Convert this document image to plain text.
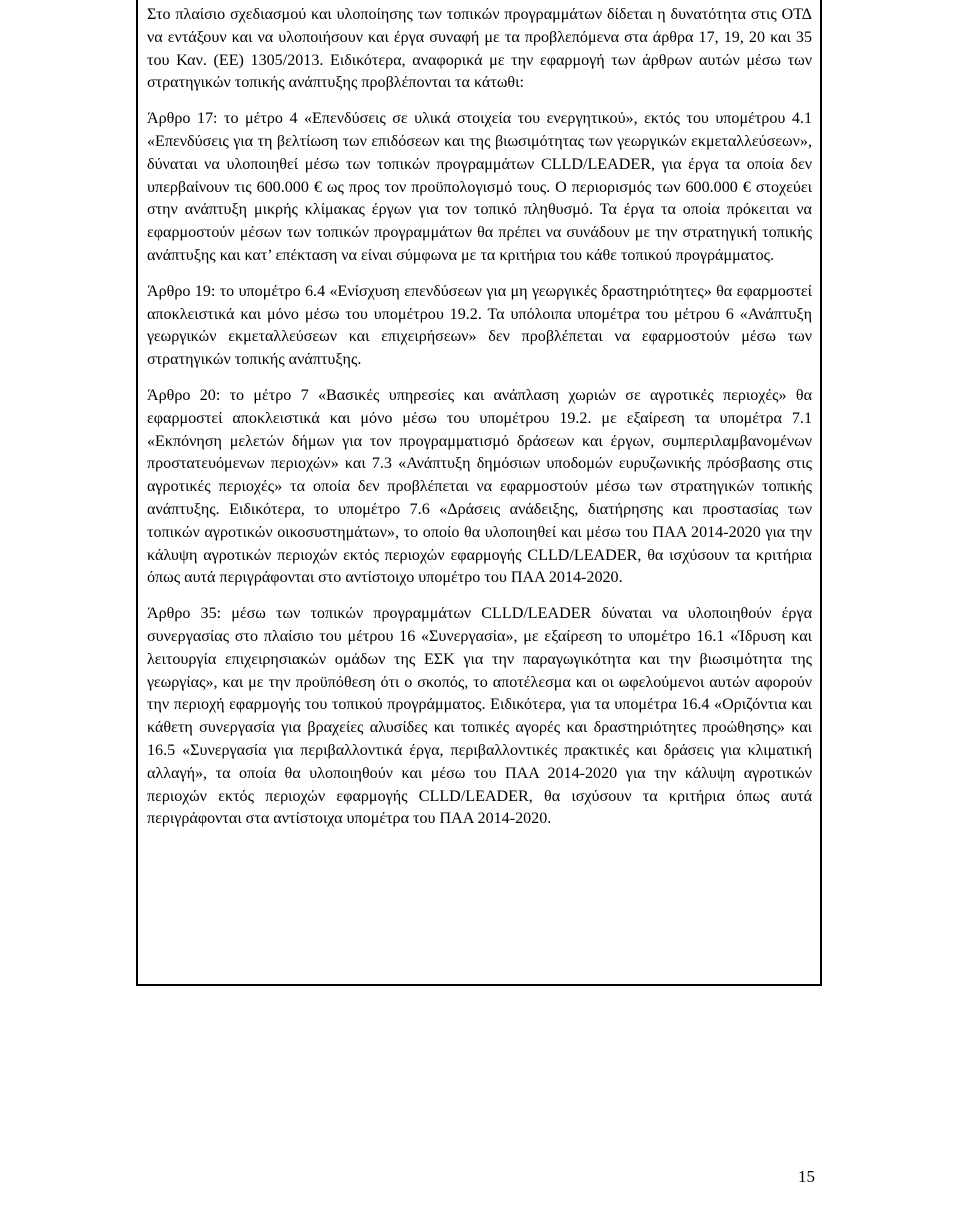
Στο πλαίσιο σχεδιασμού και υλοποίησης των τοπικών προγραμμάτων δίδεται η δυνατότητα στις ΟΤΔ να εντάξουν και να υλοποιήσουν και έργα συναφή με τα προβλεπόμενα στα άρθρα 17, 19, 20 και 35 του Καν. (ΕΕ) 1305/2013. Ειδικότερα, αναφορικά με την εφαρμογή των άρθρων αυτών μέσω των στρατηγικών τοπικής ανάπτυξης προβλέπονται τα κάτωθι:

Άρθρο 17: το μέτρο 4 «Επενδύσεις σε υλικά στοιχεία του ενεργητικού», εκτός του υπομέτρου 4.1 «Επενδύσεις για τη βελτίωση των επιδόσεων και της βιωσιμότητας των γεωργικών εκμεταλλεύσεων», δύναται να υλοποιηθεί μέσω των τοπικών προγραμμάτων CLLD/LEADER, για έργα τα οποία δεν υπερβαίνουν τις 600.000 € ως προς τον προϋπολογισμό τους. Ο περιορισμός των 600.000 € στοχεύει στην ανάπτυξη μικρής κλίμακας έργων για τον τοπικό πληθυσμό. Τα έργα τα οποία πρόκειται να εφαρμοστούν μέσων των τοπικών προγραμμάτων θα πρέπει να συνάδουν με την στρατηγική τοπικής ανάπτυξης και κατ’ επέκταση να είναι σύμφωνα με τα κριτήρια του κάθε τοπικού προγράμματος.

Άρθρο 19: το υπομέτρο 6.4 «Ενίσχυση επενδύσεων για μη γεωργικές δραστηριότητες» θα εφαρμοστεί αποκλειστικά και μόνο μέσω του υπομέτρου 19.2. Τα υπόλοιπα υπομέτρα του μέτρου 6 «Ανάπτυξη γεωργικών εκμεταλλεύσεων και επιχειρήσεων» δεν προβλέπεται να εφαρμοστούν μέσω των στρατηγικών τοπικής ανάπτυξης.

Άρθρο 20: το μέτρο 7 «Βασικές υπηρεσίες και ανάπλαση χωριών σε αγροτικές περιοχές» θα εφαρμοστεί αποκλειστικά και μόνο μέσω του υπομέτρου 19.2. με εξαίρεση τα υπομέτρα 7.1 «Εκπόνηση μελετών δήμων για τον προγραμματισμό δράσεων και έργων, συμπεριλαμβανομένων προστατευόμενων περιοχών» και 7.3 «Ανάπτυξη δημόσιων υποδομών ευρυζωνικής πρόσβασης στις αγροτικές περιοχές» τα οποία δεν προβλέπεται να εφαρμοστούν μέσω των στρατηγικών τοπικής ανάπτυξης. Ειδικότερα, το υπομέτρο 7.6 «Δράσεις ανάδειξης, διατήρησης και προστασίας των τοπικών αγροτικών οικοσυστημάτων», το οποίο θα υλοποιηθεί και μέσω του ΠΑΑ 2014-2020 για την κάλυψη αγροτικών περιοχών εκτός περιοχών εφαρμογής CLLD/LEADER, θα ισχύσουν τα κριτήρια όπως αυτά περιγράφονται στο αντίστοιχο υπομέτρο του ΠΑΑ 2014-2020.

Άρθρο 35: μέσω των τοπικών προγραμμάτων CLLD/LEADER δύναται να υλοποιηθούν έργα συνεργασίας στο πλαίσιο του μέτρου 16 «Συνεργασία», με εξαίρεση το υπομέτρο 16.1 «Ίδρυση και λειτουργία επιχειρησιακών ομάδων της ΕΣΚ για την παραγωγικότητα και την βιωσιμότητα της γεωργίας», και με την προϋπόθεση ότι ο σκοπός, το αποτέλεσμα και οι ωφελούμενοι αυτών αφορούν την περιοχή εφαρμογής του τοπικού προγράμματος. Ειδικότερα, για τα υπομέτρα 16.4 «Οριζόντια και κάθετη συνεργασία για βραχείες αλυσίδες και τοπικές αγορές και δραστηριότητες προώθησης» και 16.5 «Συνεργασία για περιβαλλοντικά έργα, περιβαλλοντικές πρακτικές και δράσεις για κλιματική αλλαγή», τα οποία θα υλοποιηθούν και μέσω του ΠΑΑ 2014-2020 για την κάλυψη αγροτικών περιοχών εκτός περιοχών εφαρμογής CLLD/LEADER, θα ισχύσουν τα κριτήρια όπως αυτά περιγράφονται στα αντίστοιχα υπομέτρα του ΠΑΑ 2014-2020.

15
